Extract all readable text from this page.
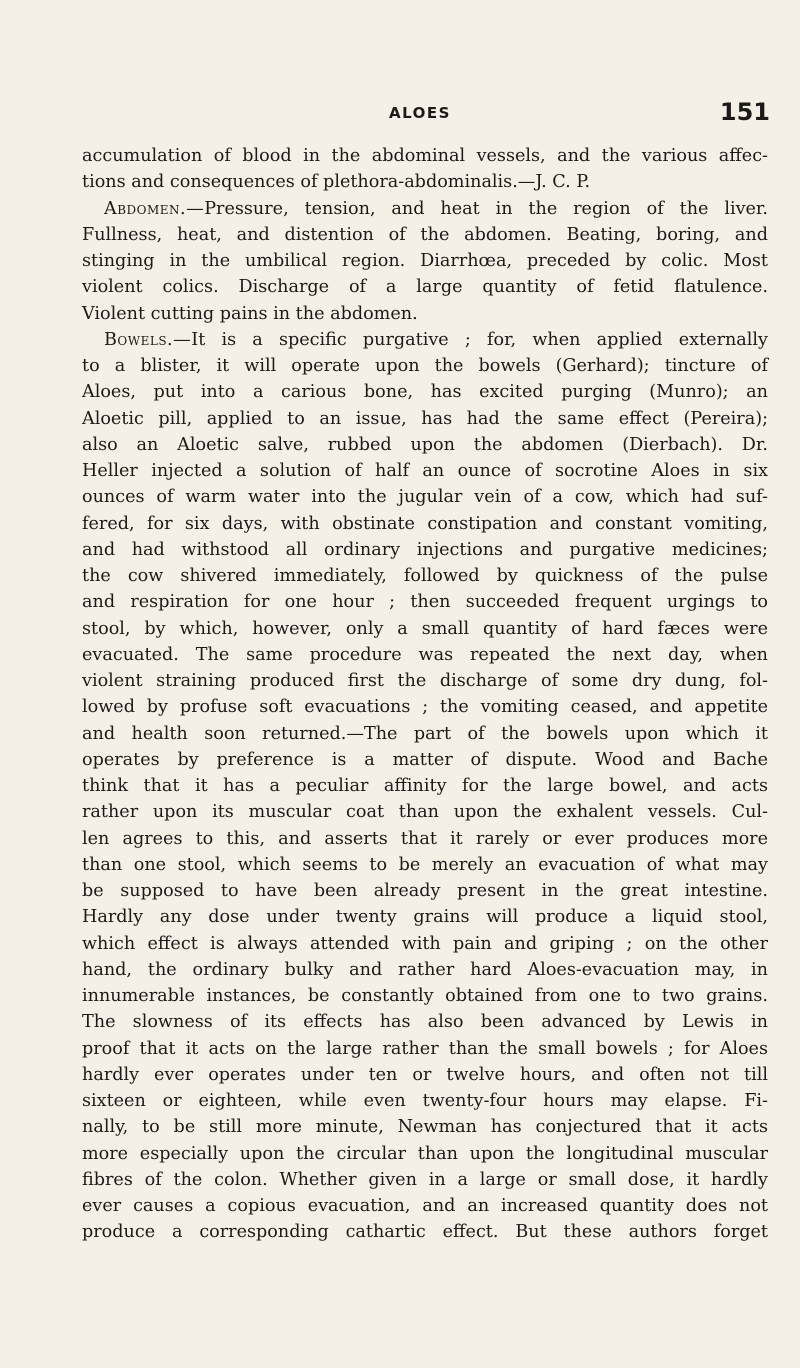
ALOES	151
accumulation of blood in the abdominal vessels, and the various affec-
tions and consequences of plethora-abdominalis.—J. C. P.
Abdomen.—Pressure, tension, and heat in the region of the liver.
Fullness, heat, and distention of the abdomen. Beating, boring, and
stinging in the umbilical region. Diarrhœa, preceded by colic. Most
violent colics. Discharge of a large quantity of fetid flatulence.
Violent cutting pains in the abdomen.
Bowels.—It is a specific purgative ; for, when applied externally
to a blister, it will operate upon the bowels (Gerhard); tincture of
Aloes, put into a carious bone, has excited purging (Munro); an
Aloetic pill, applied to an issue, has had the same effect (Pereira);
also an Aloetic salve, rubbed upon the abdomen (Dierbach). Dr.
Heller injected a solution of half an ounce of socrotine Aloes in six
ounces of warm water into the jugular vein of a cow, which had suf-
fered, for six days, with obstinate constipation and constant vomiting,
and had withstood all ordinary injections and purgative medicines;
the cow shivered immediately, followed by quickness of the pulse
and respiration for one hour ; then succeeded frequent urgings to
stool, by which, however, only a small quantity of hard fæces were
evacuated. The same procedure was repeated the next day, when
violent straining produced first the discharge of some dry dung, fol-
lowed by profuse soft evacuations ; the vomiting ceased, and appetite
and health soon returned.—The part of the bowels upon which it
operates by preference is a matter of dispute. Wood and Bache
think that it has a peculiar affinity for the large bowel, and acts
rather upon its muscular coat than upon the exhalent vessels. Cul-
len agrees to this, and asserts that it rarely or ever produces more
than one stool, which seems to be merely an evacuation of what may
be supposed to have been already present in the great intestine.
Hardly any dose under twenty grains will produce a liquid stool,
which effect is always attended with pain and griping ; on the other
hand, the ordinary bulky and rather hard Aloes-evacuation may, in
innumerable instances, be constantly obtained from one to two grains.
The slowness of its effects has also been advanced by Lewis in
proof that it acts on the large rather than the small bowels ; for Aloes
hardly ever operates under ten or twelve hours, and often not till
sixteen or eighteen, while even twenty-four hours may elapse. Fi-
nally, to be still more minute, Newman has conjectured that it acts
more especially upon the circular than upon the longitudinal muscular
fibres of the colon. Whether given in a large or small dose, it hardly
ever causes a copious evacuation, and an increased quantity does not
produce a corresponding cathartic effect. But these authors forget
